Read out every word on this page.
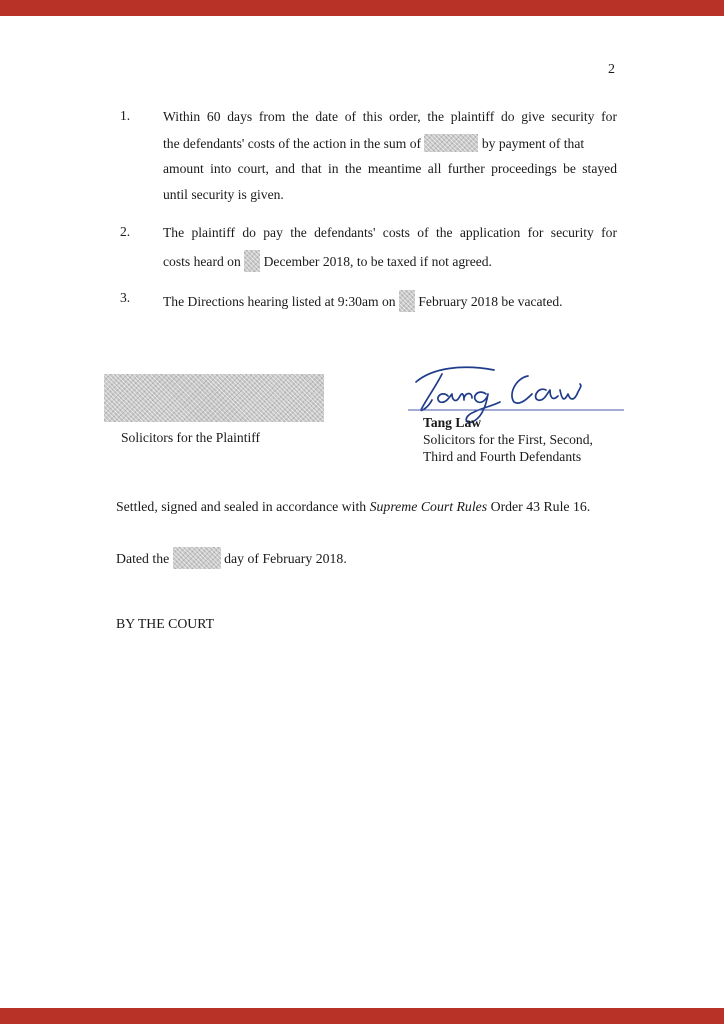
2
1. Within 60 days from the date of this order, the plaintiff do give security for
the defendants' costs of the action in the sum of	by payment of that
amount into court, and that in the meantime all further proceedings be stayed
until security is given.
2. The plaintiff do pay the defendants' costs of the application for security for
costs heard on December 2018, to be taxed if not agreed.
3. The Directions hearing listed at 9:30am on February 2018 be vacated.
Solicitors for the Plaintiff
Tang Law
Solicitors for the First, Second,
Third and Fourth Defendants
Settled, signed and sealed in accordance with Supreme Court Rules Order 43 Rule 16.
Dated the	day of February 2018.
BY THE COURT
